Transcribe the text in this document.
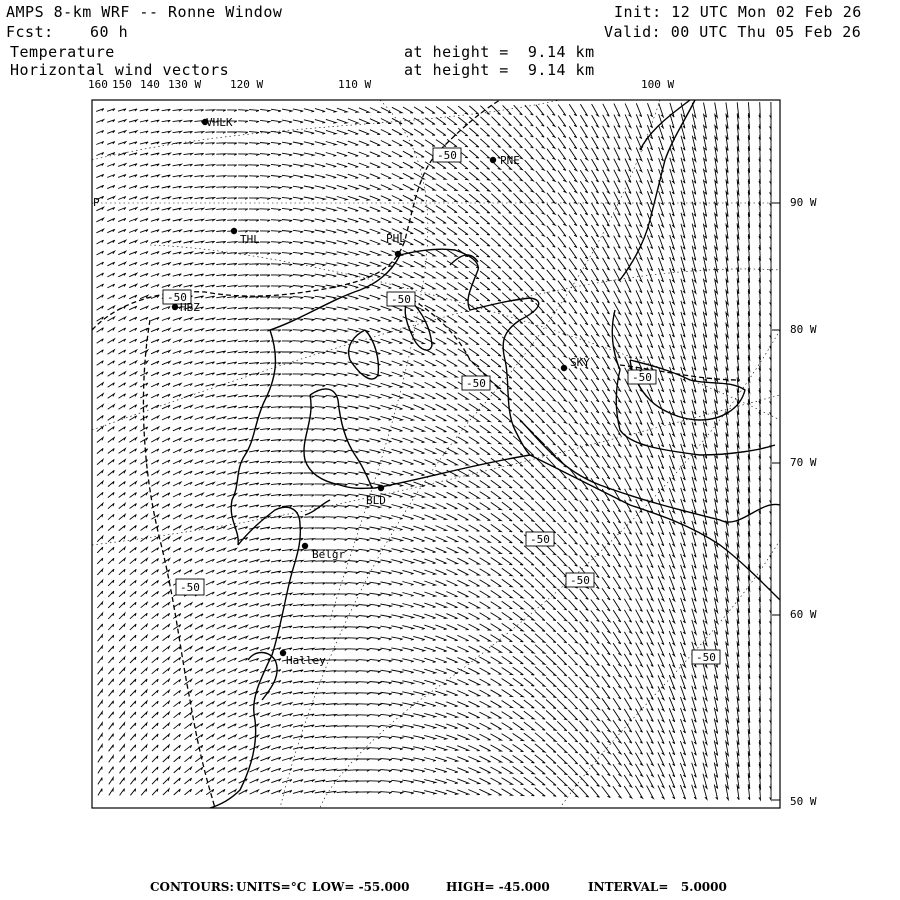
AMPS 8-km WRF -- Ronne Window
Fcst: 60 h
Temperature
Horizontal wind vectors
at height =  9.14 km
at height =  9.14 km
Init: 12 UTC Mon 02 Feb 26
Valid: 00 UTC Thu 05 Feb 26
160 150 140 130 W	120 W	110 W	100 W
90 W
80 W
70 W
60 W
50 W
P
VHLK
PNE
THL	PHL
HBZ
SKY
BLD
Belgr
Halley
-50
-50	-50
-50	-50
-50
-50
-50
-50
CONTOURS: UNITS=°C LOW= -55.000	HIGH= -45.000	INTERVAL=   5.0000
